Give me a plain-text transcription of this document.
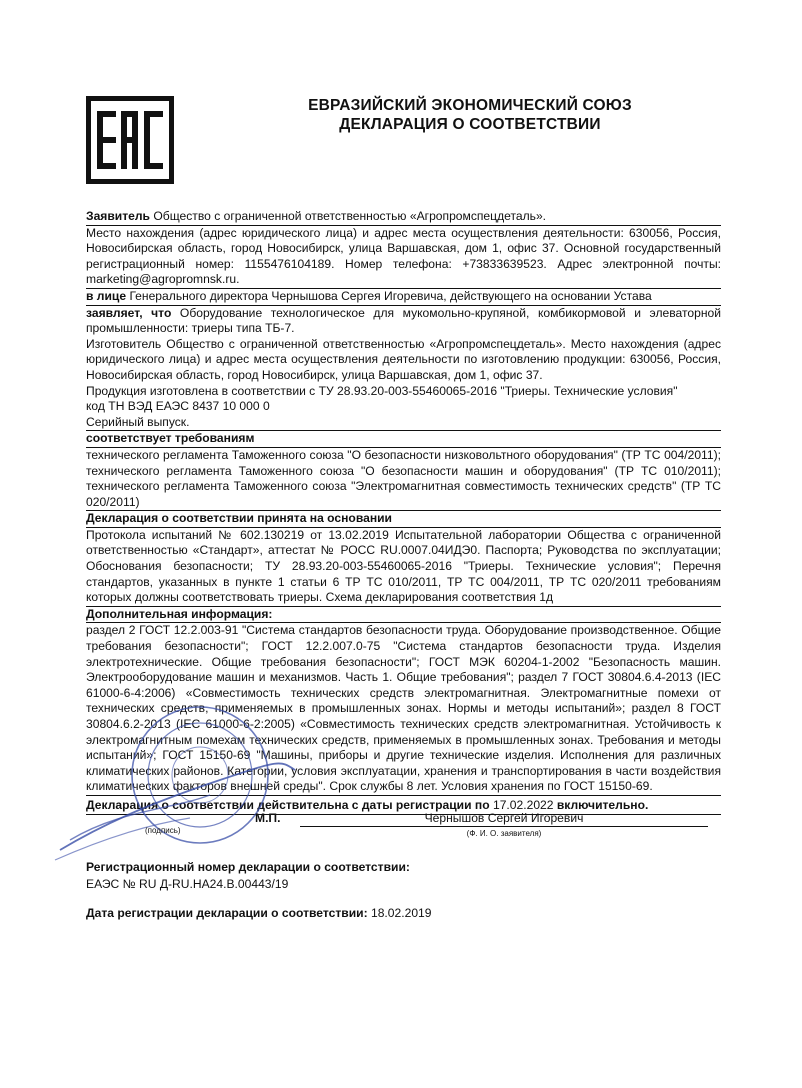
ЕВРАЗИЙСКИЙ ЭКОНОМИЧЕСКИЙ СОЮЗ
ДЕКЛАРАЦИЯ О СООТВЕТСТВИИ

Заявитель Общество с ограниченной ответственностью «Агропромспецдеталь».

Место нахождения (адрес юридического лица) и адрес места осуществления деятельности: 630056, Россия, Новосибирская область, город Новосибирск, улица Варшавская, дом 1, офис 37. Основной государственный регистрационный номер: 1155476104189. Номер телефона: +73833639523. Адрес электронной почты: marketing@agropromnsk.ru.

в лице Генерального директора Чернышова Сергея Игоревича, действующего на основании Устава

заявляет, что Оборудование технологическое для мукомольно-крупяной, комбикормовой и элеваторной промышленности: триеры типа ТБ-7.

Изготовитель Общество с ограниченной ответственностью «Агропромспецдеталь». Место нахождения (адрес юридического лица) и адрес места осуществления деятельности по изготовлению продукции: 630056, Россия, Новосибирская область, город Новосибирск, улица Варшавская, дом 1, офис 37.

Продукция изготовлена в соответствии с ТУ 28.93.20-003-55460065-2016 "Триеры. Технические условия"

код ТН ВЭД ЕАЭС 8437 10 000 0

Серийный выпуск.

соответствует требованиям

технического регламента Таможенного союза "О безопасности низковольтного оборудования" (ТР ТС 004/2011); технического регламента Таможенного союза "О безопасности машин и оборудования" (ТР ТС 010/2011); технического регламента Таможенного союза "Электромагнитная совместимость технических средств" (ТР ТС 020/2011)

Декларация о соответствии принята на основании

Протокола испытаний № 602.130219 от 13.02.2019 Испытательной лаборатории Общества с ограниченной ответственностью «Стандарт», аттестат № РОСС RU.0007.04ИДЭ0. Паспорта; Руководства по эксплуатации; Обоснования безопасности; ТУ 28.93.20-003-55460065-2016 "Триеры. Технические условия"; Перечня стандартов, указанных в пункте 1 статьи 6 ТР ТС 010/2011, ТР ТС 004/2011, ТР ТС 020/2011 требованиям которых должны соответствовать триеры. Схема декларирования соответствия 1д

Дополнительная информация:

раздел 2 ГОСТ 12.2.003-91 "Система стандартов безопасности труда. Оборудование производственное. Общие требования безопасности"; ГОСТ 12.2.007.0-75 "Система стандартов безопасности труда. Изделия электротехнические. Общие требования безопасности"; ГОСТ МЭК 60204-1-2002 "Безопасность машин. Электрооборудование машин и механизмов. Часть 1. Общие требования"; раздел 7 ГОСТ 30804.6.4-2013 (IEC 61000-6-4:2006) «Совместимость технических средств электромагнитная. Электромагнитные помехи от технических средств, применяемых в промышленных зонах. Нормы и методы испытаний»; раздел 8 ГОСТ 30804.6.2-2013 (IEC 61000-6-2:2005) «Совместимость технических средств электромагнитная. Устойчивость к электромагнитным помехам технических средств, применяемых в промышленных зонах. Требования и методы испытаний»; ГОСТ 15150-69 "Машины, приборы и другие технические изделия. Исполнения для различных климатических районов. Категории, условия эксплуатации, хранения и транспортирования в части воздействия климатических факторов внешней среды". Срок службы 8 лет. Условия хранения по ГОСТ 15150-69.

Декларация о соответствии действительна с даты регистрации по 17.02.2022 включительно.

(подпись)
М.П.	Чернышов Сергей Игоревич
(Ф. И. О. заявителя)
Регистрационный номер декларации о соответствии:
ЕАЭС № RU Д-RU.HA24.B.00443/19
Дата регистрации декларации о соответствии: 18.02.2019
